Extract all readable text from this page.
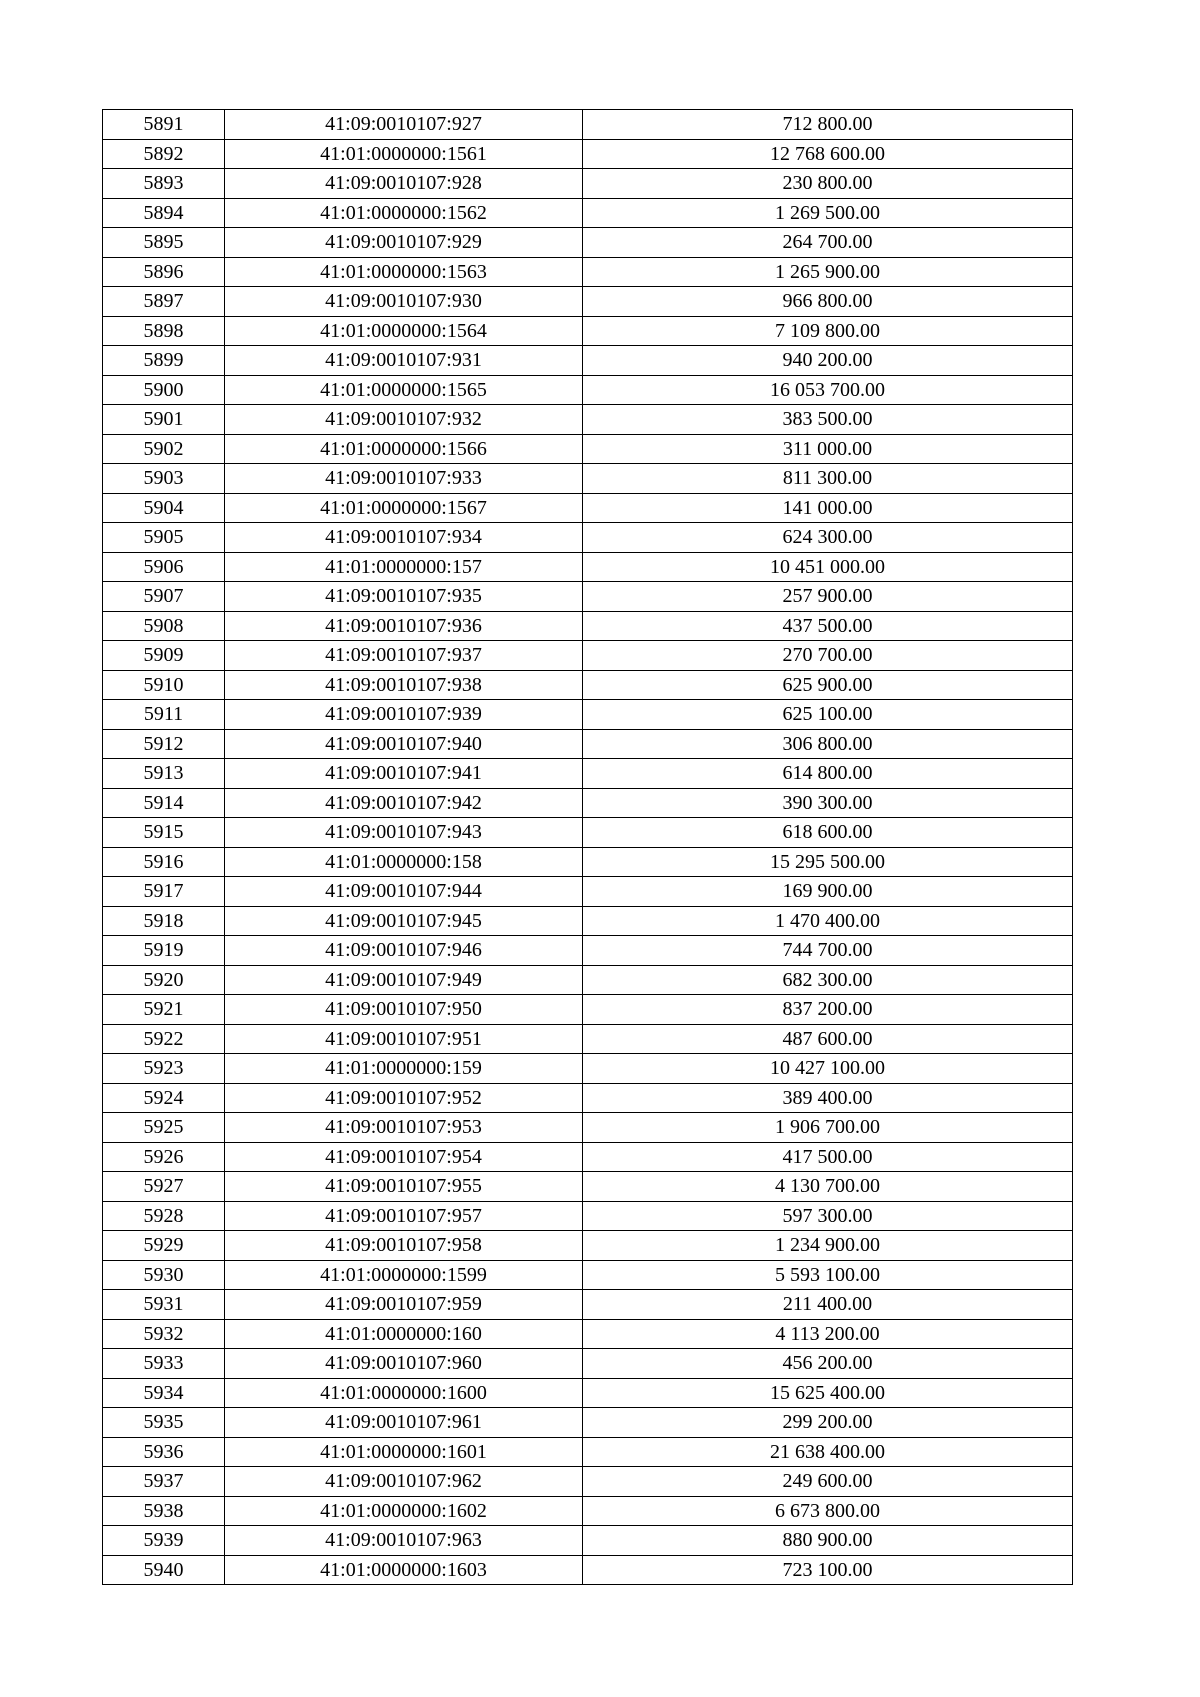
5891	41:09:0010107:927	712 800.00
5892	41:01:0000000:1561	12 768 600.00
5893	41:09:0010107:928	230 800.00
5894	41:01:0000000:1562	1 269 500.00
5895	41:09:0010107:929	264 700.00
5896	41:01:0000000:1563	1 265 900.00
5897	41:09:0010107:930	966 800.00
5898	41:01:0000000:1564	7 109 800.00
5899	41:09:0010107:931	940 200.00
5900	41:01:0000000:1565	16 053 700.00
5901	41:09:0010107:932	383 500.00
5902	41:01:0000000:1566	311 000.00
5903	41:09:0010107:933	811 300.00
5904	41:01:0000000:1567	141 000.00
5905	41:09:0010107:934	624 300.00
5906	41:01:0000000:157	10 451 000.00
5907	41:09:0010107:935	257 900.00
5908	41:09:0010107:936	437 500.00
5909	41:09:0010107:937	270 700.00
5910	41:09:0010107:938	625 900.00
5911	41:09:0010107:939	625 100.00
5912	41:09:0010107:940	306 800.00
5913	41:09:0010107:941	614 800.00
5914	41:09:0010107:942	390 300.00
5915	41:09:0010107:943	618 600.00
5916	41:01:0000000:158	15 295 500.00
5917	41:09:0010107:944	169 900.00
5918	41:09:0010107:945	1 470 400.00
5919	41:09:0010107:946	744 700.00
5920	41:09:0010107:949	682 300.00
5921	41:09:0010107:950	837 200.00
5922	41:09:0010107:951	487 600.00
5923	41:01:0000000:159	10 427 100.00
5924	41:09:0010107:952	389 400.00
5925	41:09:0010107:953	1 906 700.00
5926	41:09:0010107:954	417 500.00
5927	41:09:0010107:955	4 130 700.00
5928	41:09:0010107:957	597 300.00
5929	41:09:0010107:958	1 234 900.00
5930	41:01:0000000:1599	5 593 100.00
5931	41:09:0010107:959	211 400.00
5932	41:01:0000000:160	4 113 200.00
5933	41:09:0010107:960	456 200.00
5934	41:01:0000000:1600	15 625 400.00
5935	41:09:0010107:961	299 200.00
5936	41:01:0000000:1601	21 638 400.00
5937	41:09:0010107:962	249 600.00
5938	41:01:0000000:1602	6 673 800.00
5939	41:09:0010107:963	880 900.00
5940	41:01:0000000:1603	723 100.00
